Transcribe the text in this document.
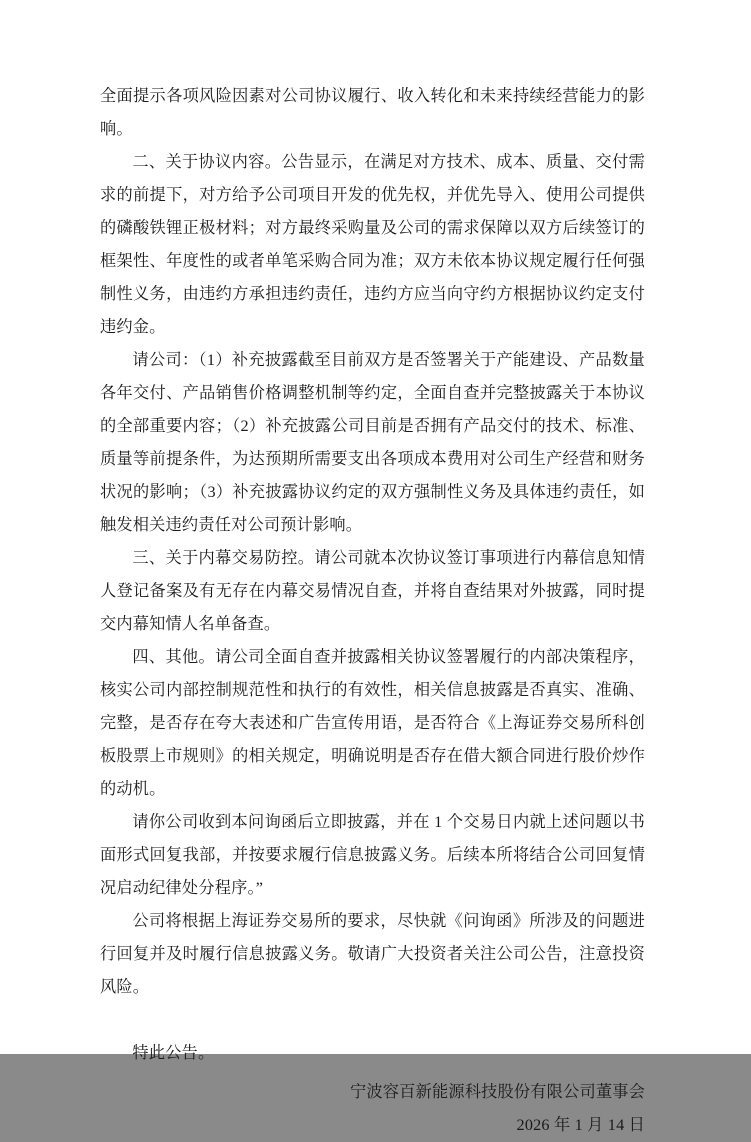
全面提示各项风险因素对公司协议履行、收入转化和未来持续经营能力的影响。

二、关于协议内容。公告显示，在满足对方技术、成本、质量、交付需求的前提下，对方给予公司项目开发的优先权，并优先导入、使用公司提供的磷酸铁锂正极材料；对方最终采购量及公司的需求保障以双方后续签订的框架性、年度性的或者单笔采购合同为准；双方未依本协议规定履行任何强制性义务，由违约方承担违约责任，违约方应当向守约方根据协议约定支付违约金。

请公司：（1）补充披露截至目前双方是否签署关于产能建设、产品数量各年交付、产品销售价格调整机制等约定，全面自查并完整披露关于本协议的全部重要内容；（2）补充披露公司目前是否拥有产品交付的技术、标准、质量等前提条件，为达预期所需要支出各项成本费用对公司生产经营和财务状况的影响；（3）补充披露协议约定的双方强制性义务及具体违约责任，如触发相关违约责任对公司预计影响。

三、关于内幕交易防控。请公司就本次协议签订事项进行内幕信息知情人登记备案及有无存在内幕交易情况自查，并将自查结果对外披露，同时提交内幕知情人名单备查。

四、其他。请公司全面自查并披露相关协议签署履行的内部决策程序，核实公司内部控制规范性和执行的有效性，相关信息披露是否真实、准确、完整，是否存在夸大表述和广告宣传用语，是否符合《上海证券交易所科创板股票上市规则》的相关规定，明确说明是否存在借大额合同进行股价炒作的动机。

请你公司收到本问询函后立即披露，并在 1 个交易日内就上述问题以书面形式回复我部，并按要求履行信息披露义务。后续本所将结合公司回复情况启动纪律处分程序。”

公司将根据上海证券交易所的要求，尽快就《问询函》所涉及的问题进行回复并及时履行信息披露义务。敬请广大投资者关注公司公告，注意投资风险。

特此公告。

宁波容百新能源科技股份有限公司董事会

2026 年 1 月 14 日
